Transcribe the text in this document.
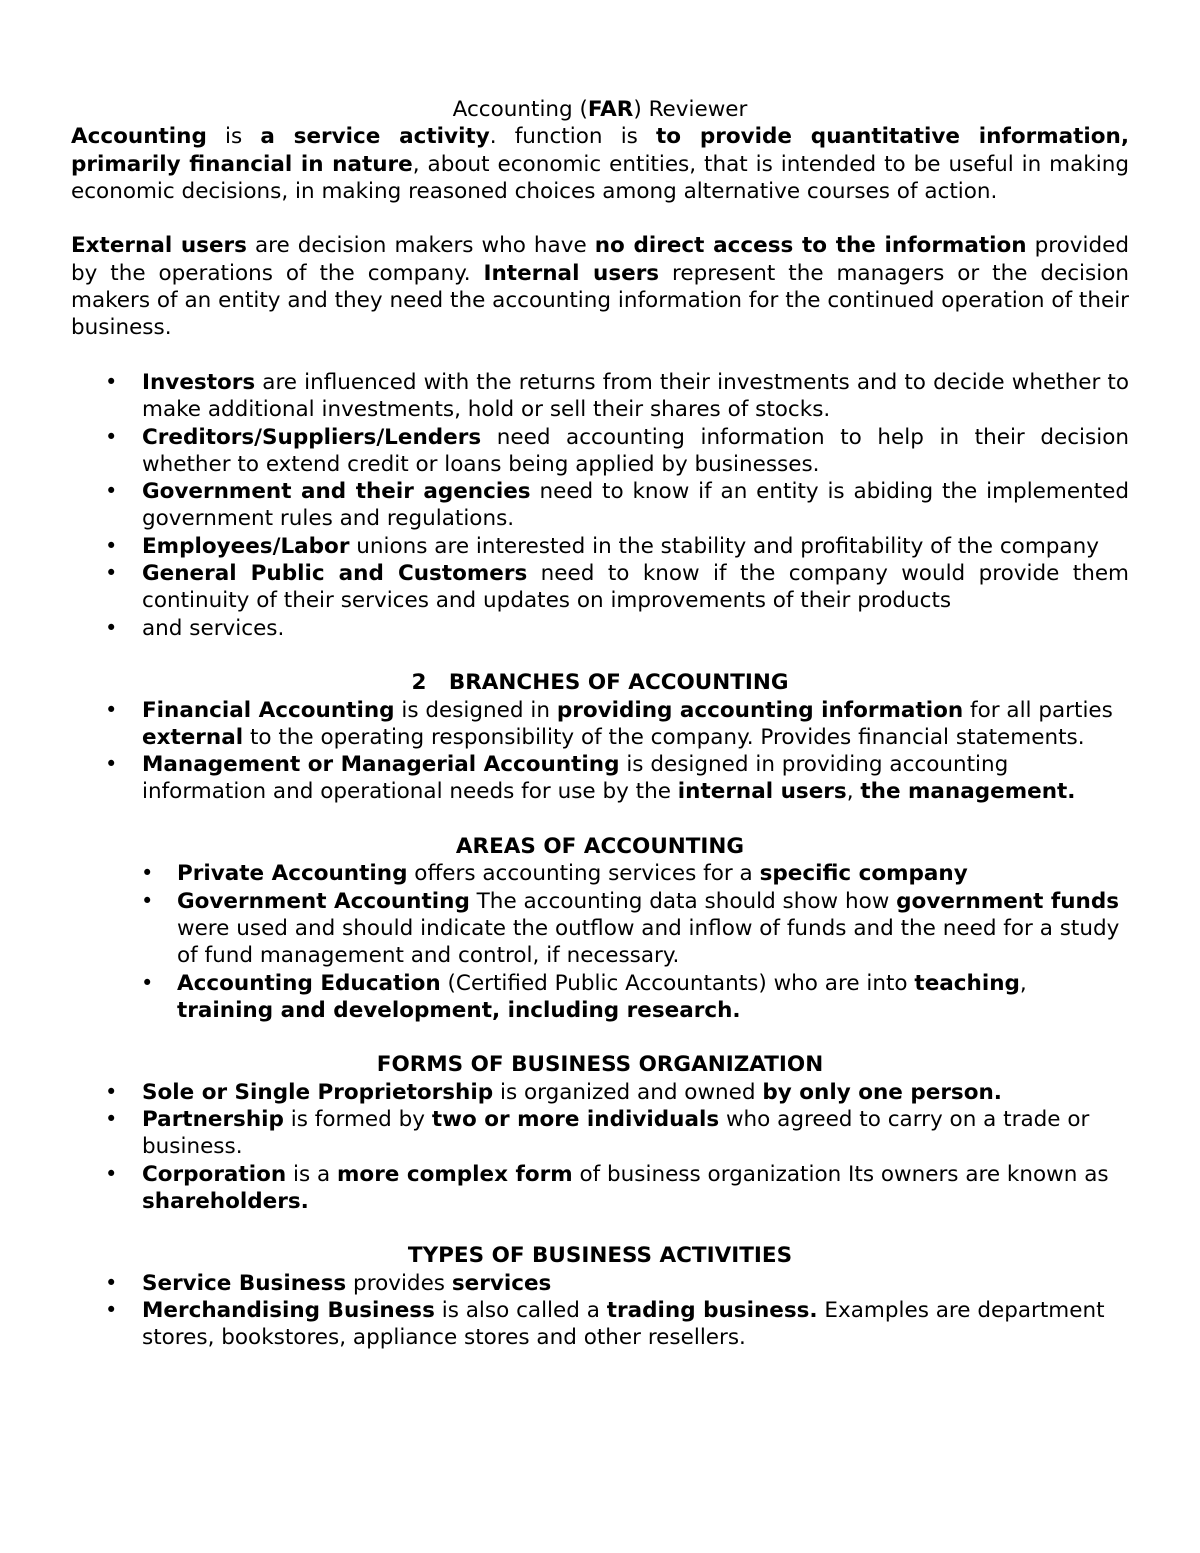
Accounting (FAR) Reviewer

Accounting is a service activity. function is to provide quantitative information, primarily financial in nature, about economic entities, that is intended to be useful in making economic decisions, in making reasoned choices among alternative courses of action.

External users are decision makers who have no direct access to the information provided by the operations of the company. Internal users represent the managers or the decision makers of an entity and they need the accounting information for the continued operation of their business.

• Investors are influenced with the returns from their investments and to decide whether to make additional investments, hold or sell their shares of stocks.
• Creditors/Suppliers/Lenders need accounting information to help in their decision whether to extend credit or loans being applied by businesses.
• Government and their agencies need to know if an entity is abiding the implemented government rules and regulations.
• Employees/Labor unions are interested in the stability and profitability of the company
• General Public and Customers need to know if the company would provide them continuity of their services and updates on improvements of their products
• and services.
2   BRANCHES OF ACCOUNTING
• Financial Accounting is designed in providing accounting information for all parties external to the operating responsibility of the company. Provides financial statements.
• Management or Managerial Accounting is designed in providing accounting information and operational needs for use by the internal users, the management.
AREAS OF ACCOUNTING
• Private Accounting offers accounting services for a specific company
• Government Accounting The accounting data should show how government funds were used and should indicate the outflow and inflow of funds and the need for a study of fund management and control, if necessary.
• Accounting Education (Certified Public Accountants) who are into teaching, training and development, including research.
FORMS OF BUSINESS ORGANIZATION
• Sole or Single Proprietorship is organized and owned by only one person.
• Partnership is formed by two or more individuals who agreed to carry on a trade or business.
• Corporation is a more complex form of business organization Its owners are known as shareholders.
TYPES OF BUSINESS ACTIVITIES
• Service Business provides services
• Merchandising Business is also called a trading business. Examples are department stores, bookstores, appliance stores and other resellers.
